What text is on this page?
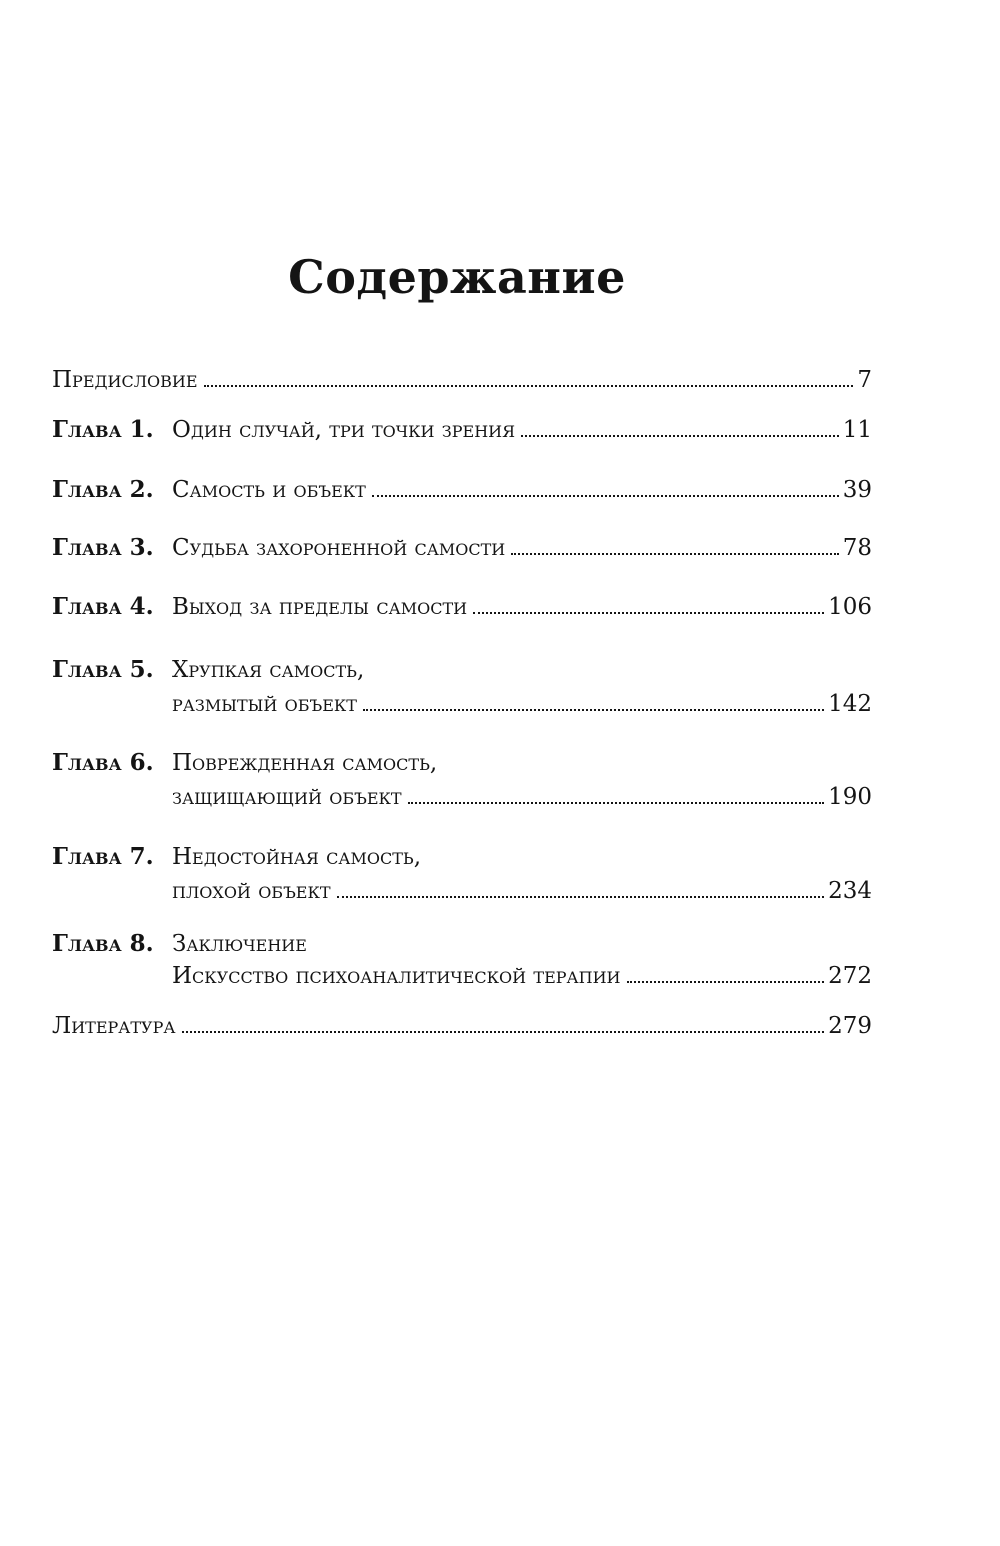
Содержание
Предисловие	7
Глава 1. Один случай, три точки зрения	11
Глава 2. Самость и объект	39
Глава 3. Судьба захороненной самости	78
Глава 4. Выход за пределы самости	106
Глава 5. Хрупкая самость,
размытый объект	142
Глава 6. Поврежденная самость,
защищающий объект	190
Глава 7. Недостойная самость,
плохой объект	234
Глава 8. Заключение
Искусство психоаналитической терапии	272
Литература	279
